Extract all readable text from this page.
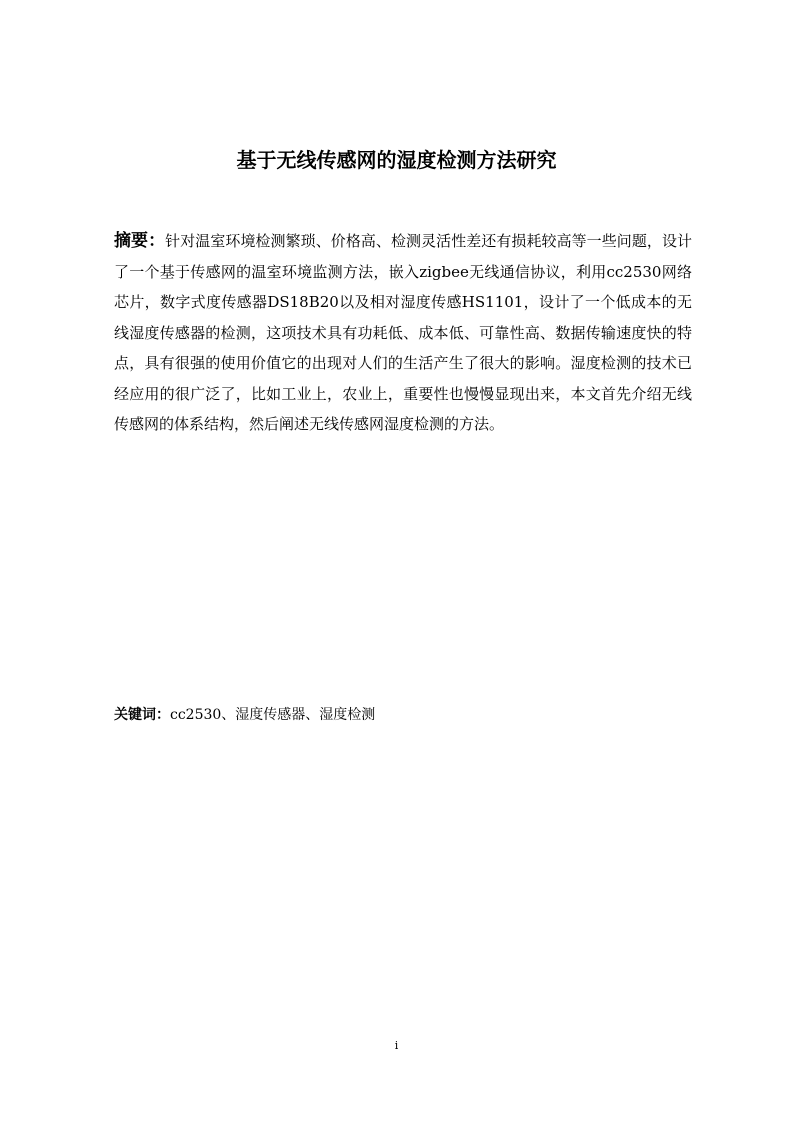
基于无线传感网的湿度检测方法研究
摘要：针对温室环境检测繁琐、价格高、检测灵活性差还有损耗较高等一些问题，设计了一个基于传感网的温室环境监测方法，嵌入zigbee无线通信协议，利用cc2530网络芯片，数字式度传感器DS18B20以及相对湿度传感HS1101，设计了一个低成本的无线湿度传感器的检测，这项技术具有功耗低、成本低、可靠性高、数据传输速度快的特点，具有很强的使用价值它的出现对人们的生活产生了很大的影响。湿度检测的技术已经应用的很广泛了，比如工业上，农业上，重要性也慢慢显现出来，本文首先介绍无线传感网的体系结构，然后阐述无线传感网湿度检测的方法。
关键词：cc2530、湿度传感器、湿度检测
i
